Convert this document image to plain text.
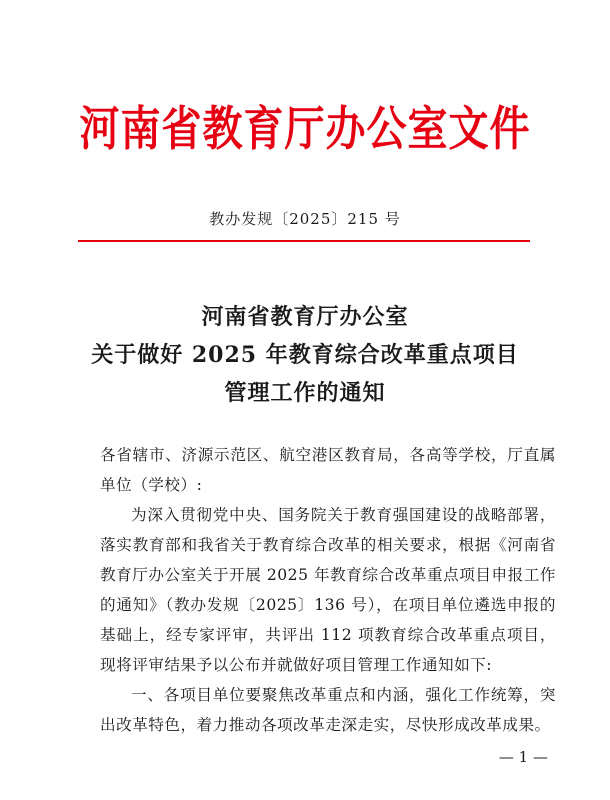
河南省教育厅办公室文件
教办发规〔2025〕215 号
河南省教育厅办公室
关于做好 2025 年教育综合改革重点项目
管理工作的通知

各省辖市、济源示范区、航空港区教育局，各高等学校，厅直属单位（学校）:

为深入贯彻党中央、国务院关于教育强国建设的战略部署，落实教育部和我省关于教育综合改革的相关要求，根据《河南省教育厅办公室关于开展 2025 年教育综合改革重点项目申报工作的通知》（教办发规〔2025〕136 号），在项目单位遴选申报的基础上，经专家评审，共评出 112 项教育综合改革重点项目，现将评审结果予以公布并就做好项目管理工作通知如下:

一、各项目单位要聚焦改革重点和内涵，强化工作统筹，突出改革特色，着力推动各项改革走深走实，尽快形成改革成果。

— 1 —
